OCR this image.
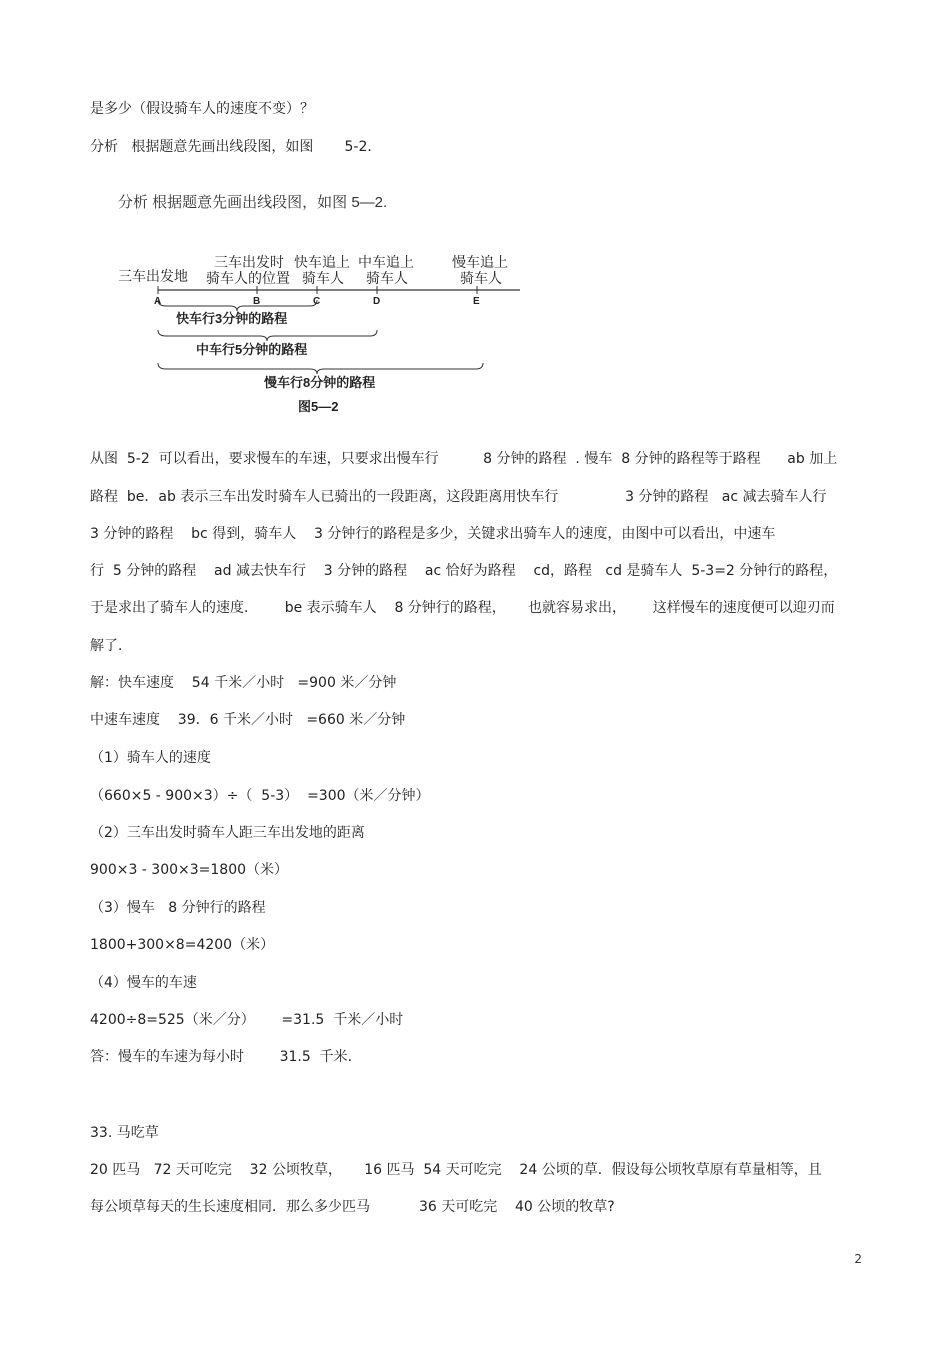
是多少（假设骑车人的速度不变）？
分析   根据题意先画出线段图，如图       5-2．
分析 根据题意先画出线段图，如图 5—2.
三车出发地
三车出发时
骑车人的位置
快车追上
骑车人
中车追上
骑车人
慢车追上
骑车人
A	B	C	D	E
快车行3分钟的路程
中车行5分钟的路程
慢车行8分钟的路程
图5—2
从图  5-2  可以看出，要求慢车的车速，只要求出慢车行          8 分钟的路程  . 慢车  8 分钟的路程等于路程      ab 加上
路程  be．ab 表示三车出发时骑车人已骑出的一段距离，这段距离用快车行               3 分钟的路程   ac 减去骑车人行
3 分钟的路程    bc 得到，骑车人    3 分钟行的路程是多少，关键求出骑车人的速度，由图中可以看出，中速车
行  5 分钟的路程    ad 减去快车行    3 分钟的路程    ac 恰好为路程    cd，路程   cd 是骑车人  5-3=2 分钟行的路程，
于是求出了骑车人的速度．      be 表示骑车人    8 分钟行的路程，     也就容易求出，      这样慢车的速度便可以迎刃而
解了．
解：快车速度    54 千米／小时   =900 米／分钟
中速车速度    39．6 千米／小时   =660 米／分钟
（1）骑车人的速度
（660×5 - 900×3）÷（  5-3）  =300（米／分钟）
（2）三车出发时骑车人距三车出发地的距离
900×3 - 300×3=1800（米）
（3）慢车   8 分钟行的路程
1800+300×8=4200（米）
（4）慢车的车速
4200÷8=525（米／分）      =31.5  千米／小时
答：慢车的车速为每小时        31.5  千米.
33. 马吃草
20 匹马   72 天可吃完    32 公顷牧草，     16 匹马  54 天可吃完    24 公顷的草．假设每公顷牧草原有草量相等，且
每公顷草每天的生长速度相同．那么多少匹马           36 天可吃完    40 公顷的牧草?
2
